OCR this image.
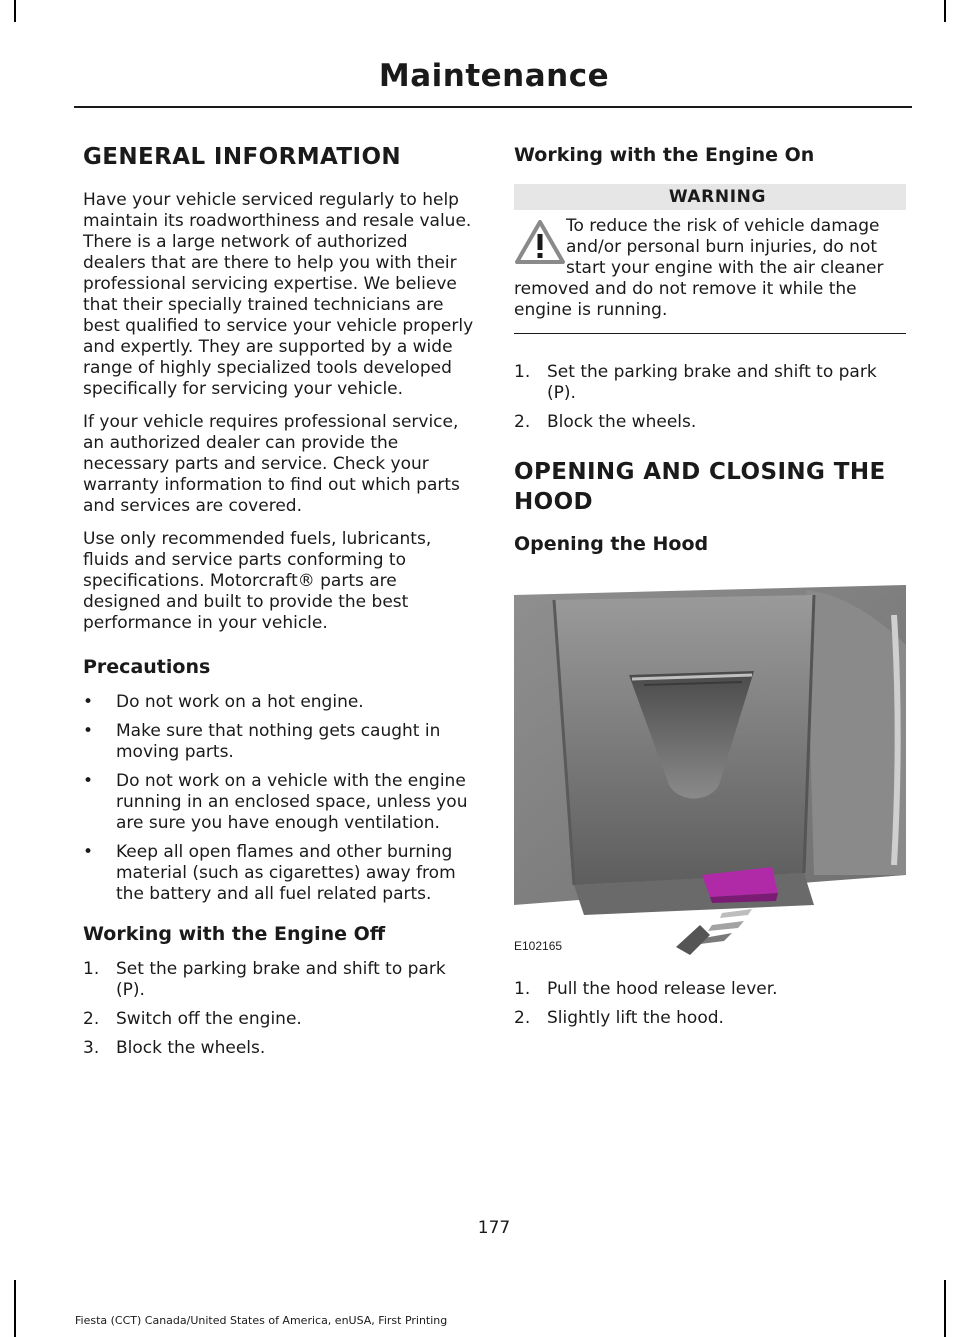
Maintenance
GENERAL INFORMATION

Have your vehicle serviced regularly to help maintain its roadworthiness and resale value. There is a large network of authorized dealers that are there to help you with their professional servicing expertise. We believe that their specially trained technicians are best qualified to service your vehicle properly and expertly. They are supported by a wide range of highly specialized tools developed specifically for servicing your vehicle.

If your vehicle requires professional service, an authorized dealer can provide the necessary parts and service. Check your warranty information to find out which parts and services are covered.

Use only recommended fuels, lubricants, fluids and service parts conforming to specifications. Motorcraft® parts are designed and built to provide the best performance in your vehicle.

Precautions
• Do not work on a hot engine.
• Make sure that nothing gets caught in moving parts.
• Do not work on a vehicle with the engine running in an enclosed space, unless you are sure you have enough ventilation.
• Keep all open flames and other burning material (such as cigarettes) away from the battery and all fuel related parts.
Working with the Engine Off
1. Set the parking brake and shift to park (P).
2. Switch off the engine.
3. Block the wheels.
Working with the Engine On
WARNING
To reduce the risk of vehicle damage and/or personal burn injuries, do not start your engine with the air cleaner removed and do not remove it while the engine is running.
1. Set the parking brake and shift to park (P).
2. Block the wheels.
OPENING AND CLOSING THE
HOOD
Opening the Hood
E102165
1. Pull the hood release lever.
2. Slightly lift the hood.
177
Fiesta (CCT) Canada/United States of America, enUSA, First Printing
